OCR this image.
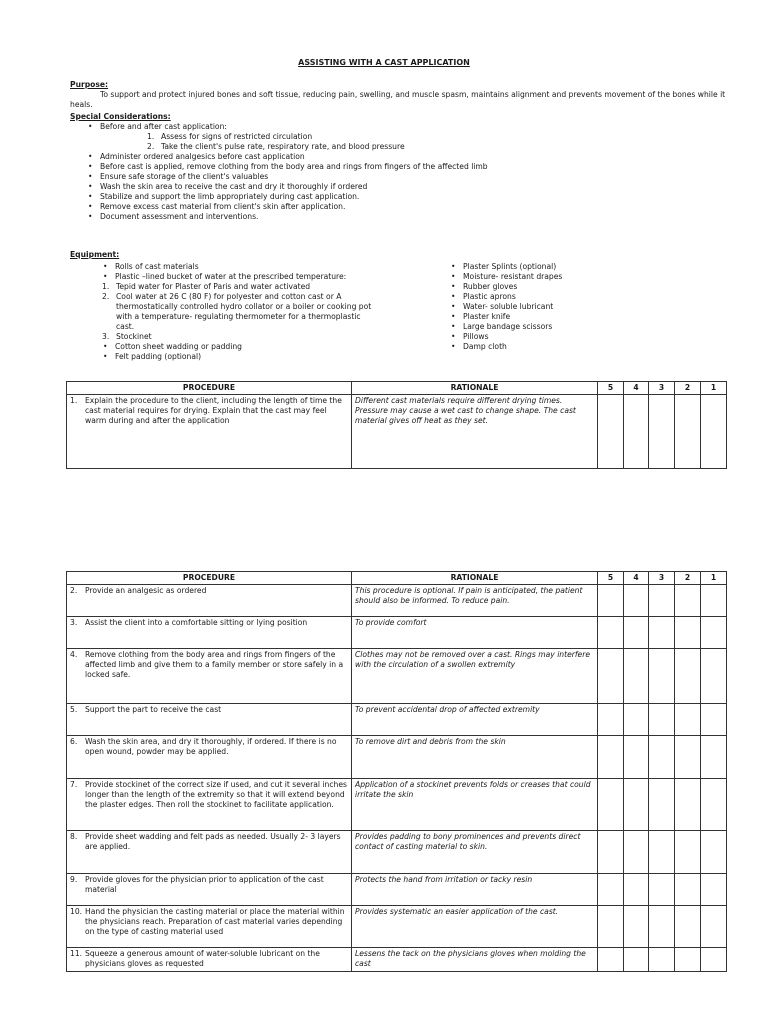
ASSISTING WITH A CAST APPLICATION
Purpose:
To support and protect injured bones and soft tissue, reducing pain, swelling, and muscle spasm, maintains alignment and prevents movement of the bones while it heals.
Special Considerations:
• Before and after cast application:
1. Assess for signs of restricted circulation
2. Take the client's pulse rate, respiratory rate, and blood pressure
• Administer ordered analgesics before cast application
• Before cast is applied, remove clothing from the body area and rings from fingers of the affected limb
• Ensure safe storage of the client's valuables
• Wash the skin area to receive the cast and dry it thoroughly if ordered
• Stabilize and support the limb appropriately during cast application.
• Remove excess cast material from client's skin after application.
• Document assessment and interventions.
Equipment:
• Rolls of cast materials
• Plastic –lined bucket of water at the prescribed temperature:
1. Tepid water for Plaster of Paris and water activated
2. Cool water at 26 C (80 F) for polyester and cotton cast or A thermostatically controlled hydro collator or a boiler or cooking pot with a temperature- regulating thermometer for a thermoplastic cast.
3. Stockinet
• Cotton sheet wadding or padding
• Felt padding (optional)
• Plaster Splints (optional)
• Moisture- resistant drapes
• Rubber gloves
• Plastic aprons
• Water- soluble lubricant
• Plaster knife
• Large bandage scissors
• Pillows
• Damp cloth
PROCEDURE	RATIONALE	5	4	3	2	1

1. Explain the procedure to the client, including the length of time the cast material requires for drying. Explain that the cast may feel warm during and after the application	Different cast materials require different drying times. Pressure may cause a wet cast to change shape. The cast material gives off heat as they set.					
PROCEDURE	RATIONALE	5	4	3	2	1

2. Provide an analgesic as ordered	This procedure is optional. If pain is anticipated, the patient should also be informed. To reduce pain.					

3. Assist the client into a comfortable sitting or lying position	To provide comfort					

4. Remove clothing from the body area and rings from fingers of the affected limb and give them to a family member or store safely in a locked safe.	Clothes may not be removed over a cast. Rings may interfere with the circulation of a swollen extremity					

5. Support the part to receive the cast	To prevent accidental drop of affected extremity					

6. Wash the skin area, and dry it thoroughly, if ordered. If there is no open wound, powder may be applied.	To remove dirt and debris from the skin					

7. Provide stockinet of the correct size if used, and cut it several inches longer than the length of the extremity so that it will extend beyond the plaster edges. Then roll the stockinet to facilitate application.	Application of a stockinet prevents folds or creases that could irritate the skin					

8. Provide sheet wadding and felt pads as needed. Usually 2- 3 layers are applied.	Provides padding to bony prominences and prevents direct contact of casting material to skin.					

9. Provide gloves for the physician prior to application of the cast material	Protects the hand from irritation or tacky resin					

10. Hand the physician the casting material or place the material within the physicians reach. Preparation of cast material varies depending on the type of casting material used	Provides systematic an easier application of the cast.					

11. Squeeze a generous amount of water-soluble lubricant on the physicians gloves as requested	Lessens the tack on the physicians gloves when molding the cast					
